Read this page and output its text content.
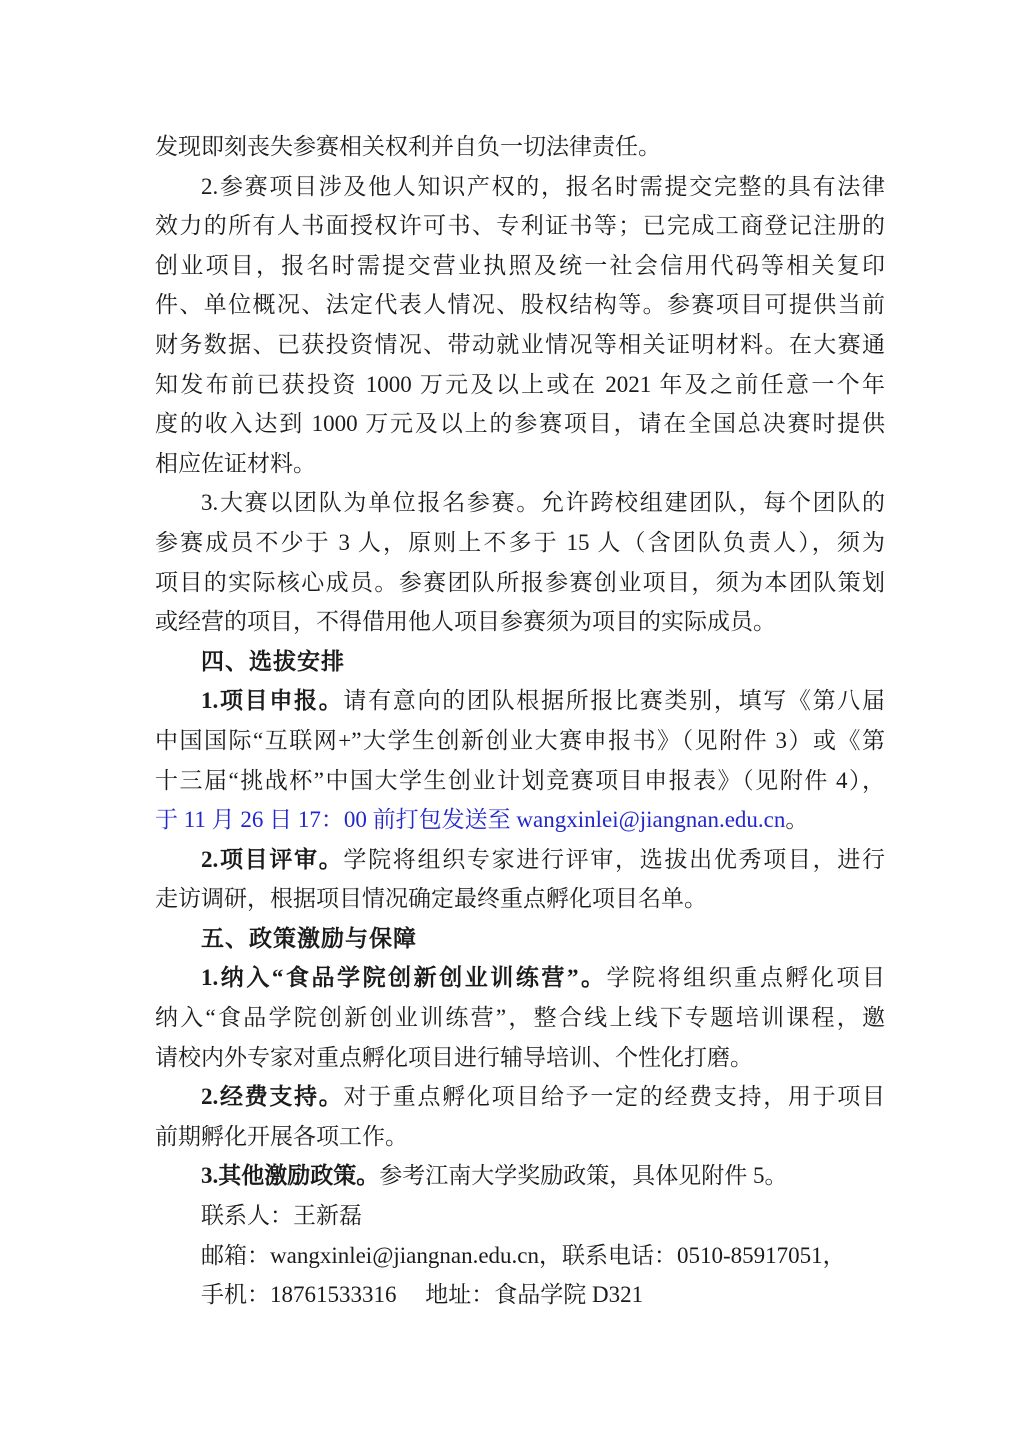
发现即刻丧失参赛相关权利并自负一切法律责任。
2.参赛项目涉及他人知识产权的，报名时需提交完整的具有法律
效力的所有人书面授权许可书、专利证书等；已完成工商登记注册的
创业项目，报名时需提交营业执照及统一社会信用代码等相关复印
件、单位概况、法定代表人情况、股权结构等。参赛项目可提供当前
财务数据、已获投资情况、带动就业情况等相关证明材料。在大赛通
知发布前已获投资 1000 万元及以上或在 2021 年及之前任意一个年
度的收入达到 1000 万元及以上的参赛项目，请在全国总决赛时提供
相应佐证材料。
3.大赛以团队为单位报名参赛。允许跨校组建团队，每个团队的
参赛成员不少于 3 人，原则上不多于 15 人（含团队负责人），须为
项目的实际核心成员。参赛团队所报参赛创业项目，须为本团队策划
或经营的项目，不得借用他人项目参赛须为项目的实际成员。
四、选拔安排
1.项目申报。请有意向的团队根据所报比赛类别，填写《第八届
中国国际“互联网+”大学生创新创业大赛申报书》（见附件 3）或《第
十三届“挑战杯”中国大学生创业计划竞赛项目申报表》（见附件 4），
于 11 月 26 日 17：00 前打包发送至 wangxinlei@jiangnan.edu.cn。
2.项目评审。学院将组织专家进行评审，选拔出优秀项目，进行
走访调研，根据项目情况确定最终重点孵化项目名单。
五、政策激励与保障
1.纳入“食品学院创新创业训练营”。学院将组织重点孵化项目
纳入“食品学院创新创业训练营”，整合线上线下专题培训课程，邀
请校内外专家对重点孵化项目进行辅导培训、个性化打磨。
2.经费支持。对于重点孵化项目给予一定的经费支持，用于项目
前期孵化开展各项工作。
3.其他激励政策。参考江南大学奖励政策，具体见附件 5。
联系人：王新磊
邮箱：wangxinlei@jiangnan.edu.cn，联系电话：0510-85917051，
手机：18761533316　 地址：食品学院 D321
